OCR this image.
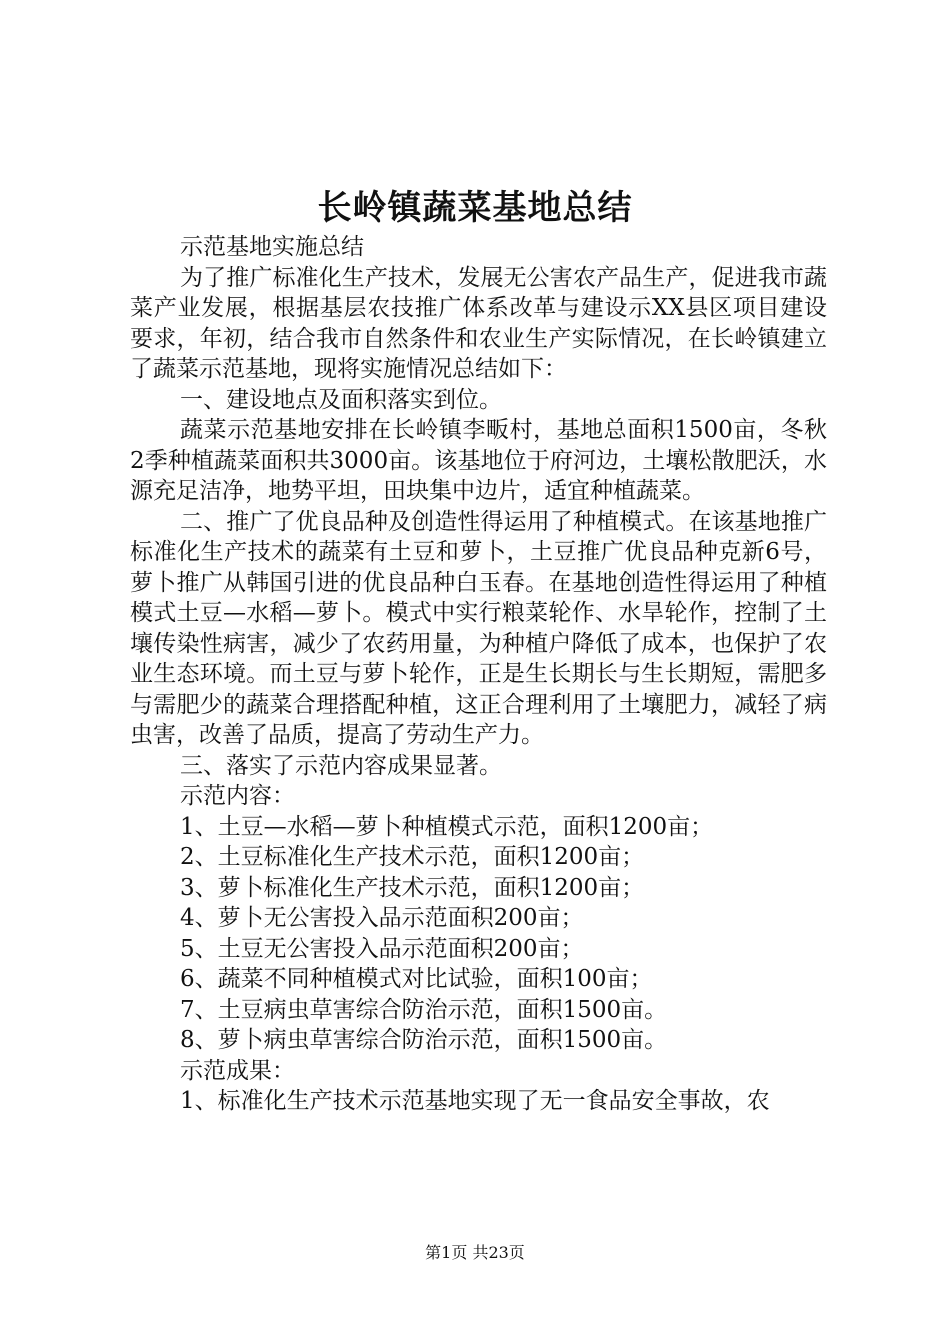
长岭镇蔬菜基地总结

示范基地实施总结

为了推广标准化生产技术，发展无公害农产品生产，促进我市蔬菜产业发展，根据基层农技推广体系改革与建设示XX县区项目建设要求，年初，结合我市自然条件和农业生产实际情况，在长岭镇建立了蔬菜示范基地，现将实施情况总结如下：

一、建设地点及面积落实到位。

蔬菜示范基地安排在长岭镇李畈村，基地总面积1500亩，冬秋2季种植蔬菜面积共3000亩。该基地位于府河边，土壤松散肥沃，水源充足洁净，地势平坦，田块集中边片，适宜种植蔬菜。

二、推广了优良品种及创造性得运用了种植模式。在该基地推广标准化生产技术的蔬菜有土豆和萝卜，土豆推广优良品种克新6号，萝卜推广从韩国引进的优良品种白玉春。在基地创造性得运用了种植模式土豆—水稻—萝卜。模式中实行粮菜轮作、水旱轮作，控制了土壤传染性病害，减少了农药用量，为种植户降低了成本，也保护了农业生态环境。而土豆与萝卜轮作，正是生长期长与生长期短，需肥多与需肥少的蔬菜合理搭配种植，这正合理利用了土壤肥力，减轻了病虫害，改善了品质，提高了劳动生产力。

三、落实了示范内容成果显著。

示范内容：

1、土豆—水稻—萝卜种植模式示范，面积1200亩；

2、土豆标准化生产技术示范，面积1200亩；

3、萝卜标准化生产技术示范，面积1200亩；

4、萝卜无公害投入品示范面积200亩；

5、土豆无公害投入品示范面积200亩；

6、蔬菜不同种植模式对比试验，面积100亩；

7、土豆病虫草害综合防治示范，面积1500亩。

8、萝卜病虫草害综合防治示范，面积1500亩。

示范成果：

1、标准化生产技术示范基地实现了无一食品安全事故，农

第1页 共23页
